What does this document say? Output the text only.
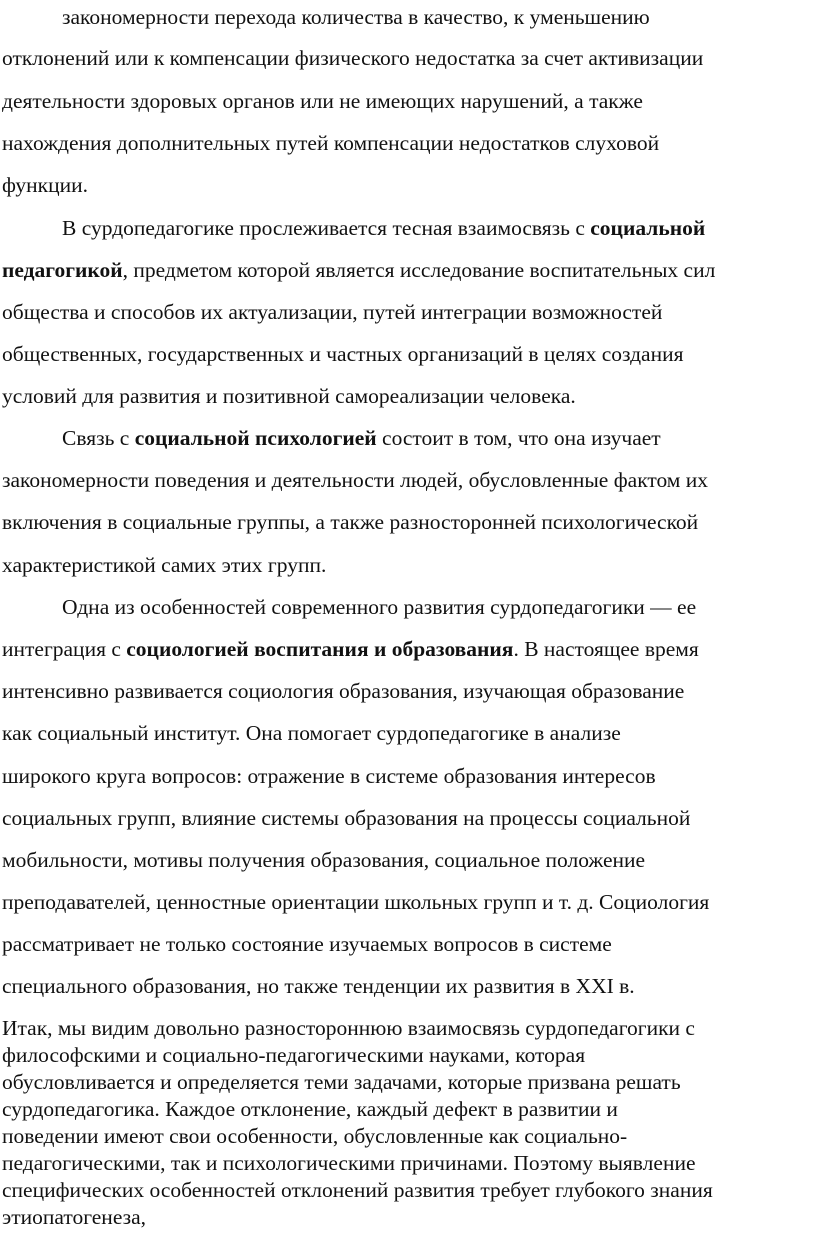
закономерности перехода количества в качество, к уменьшению
отклонений или к компенсации физического недостатка за счет активизации
деятельности здоровых органов или не имеющих нарушений, а также
нахождения дополнительных путей компенсации недостатков слуховой
функции.
В сурдопедагогике прослеживается тесная взаимосвязь с социальной
педагогикой, предметом которой является исследование воспитательных сил
общества и способов их актуализации, путей интеграции возможностей
общественных, государственных и частных организаций в целях создания
условий для развития и позитивной самореализации человека.
Связь с социальной психологией состоит в том, что она изучает
закономерности поведения и деятельности людей, обусловленные фактом их
включения в социальные группы, а также разносторонней психологической
характеристикой самих этих групп.
Одна из особенностей современного развития сурдопедагогики — ее
интеграция с социологией воспитания и образования. В настоящее время
интенсивно развивается социология образования, изучающая образование
как социальный институт. Она помогает сурдопедагогике в анализе
широкого круга вопросов: отражение в системе образования интересов
социальных групп, влияние системы образования на процессы социальной
мобильности, мотивы получения образования, социальное положение
преподавателей, ценностные ориентации школьных групп и т. д. Социология
рассматривает не только состояние изучаемых вопросов в системе
специального образования, но также тенденции их развития в XXI в.
Итак, мы видим довольно разностороннюю взаимосвязь сурдопедагогики с
философскими и социально-педагогическими науками, которая
обусловливается и определяется теми задачами, которые призвана решать
сурдопедагогика. Каждое отклонение, каждый дефект в развитии и
поведении имеют свои особенности, обусловленные как социально-
педагогическими, так и психологическими причинами. Поэтому выявление
специфических особенностей отклонений развития требует глубокого знания
этиопатогенеза,
